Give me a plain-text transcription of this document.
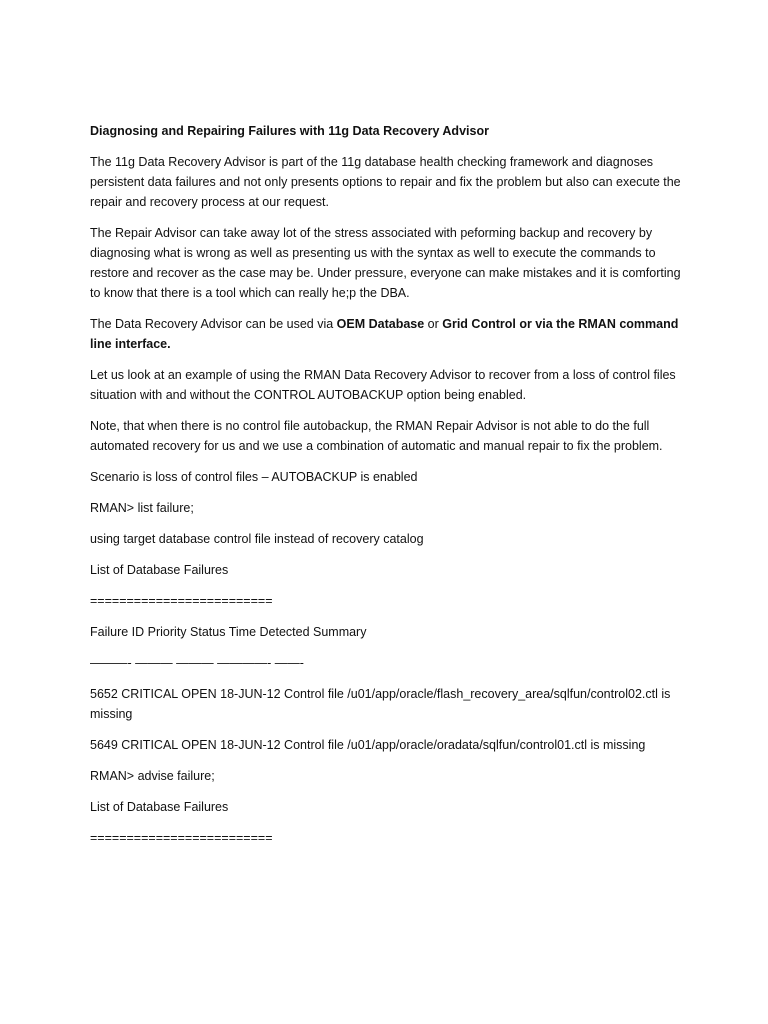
Diagnosing and Repairing Failures with 11g Data Recovery Advisor

The 11g Data Recovery Advisor is part of the 11g database health checking framework and diagnoses persistent data failures and not only presents options to repair and fix the problem but also can execute the repair and recovery process at our request.

The Repair Advisor can take away lot of the stress associated with peforming backup and recovery by diagnosing what is wrong as well as presenting us with the syntax as well to execute the commands to restore and recover as the case may be. Under pressure, everyone can make mistakes and it is comforting to know that there is a tool which can really he;p the DBA.

The Data Recovery Advisor can be used via OEM Database or Grid Control or via the RMAN command line interface.

Let us look at an example of using the RMAN Data Recovery Advisor to recover from a loss of control files situation with and without the CONTROL AUTOBACKUP option being enabled.

Note, that when there is no control file autobackup, the RMAN Repair Advisor is not able to do the full automated recovery for us and we use a combination of automatic and manual repair to fix the problem.

Scenario is loss of control files – AUTOBACKUP is enabled

RMAN> list failure;

using target database control file instead of recovery catalog

List of Database Failures

=========================

Failure ID Priority Status Time Detected Summary

———- ——— ——— ————- ——-

5652 CRITICAL OPEN 18-JUN-12 Control file /u01/app/oracle/flash_recovery_area/sqlfun/control02.ctl is missing

5649 CRITICAL OPEN 18-JUN-12 Control file /u01/app/oracle/oradata/sqlfun/control01.ctl is missing

RMAN> advise failure;

List of Database Failures

=========================
